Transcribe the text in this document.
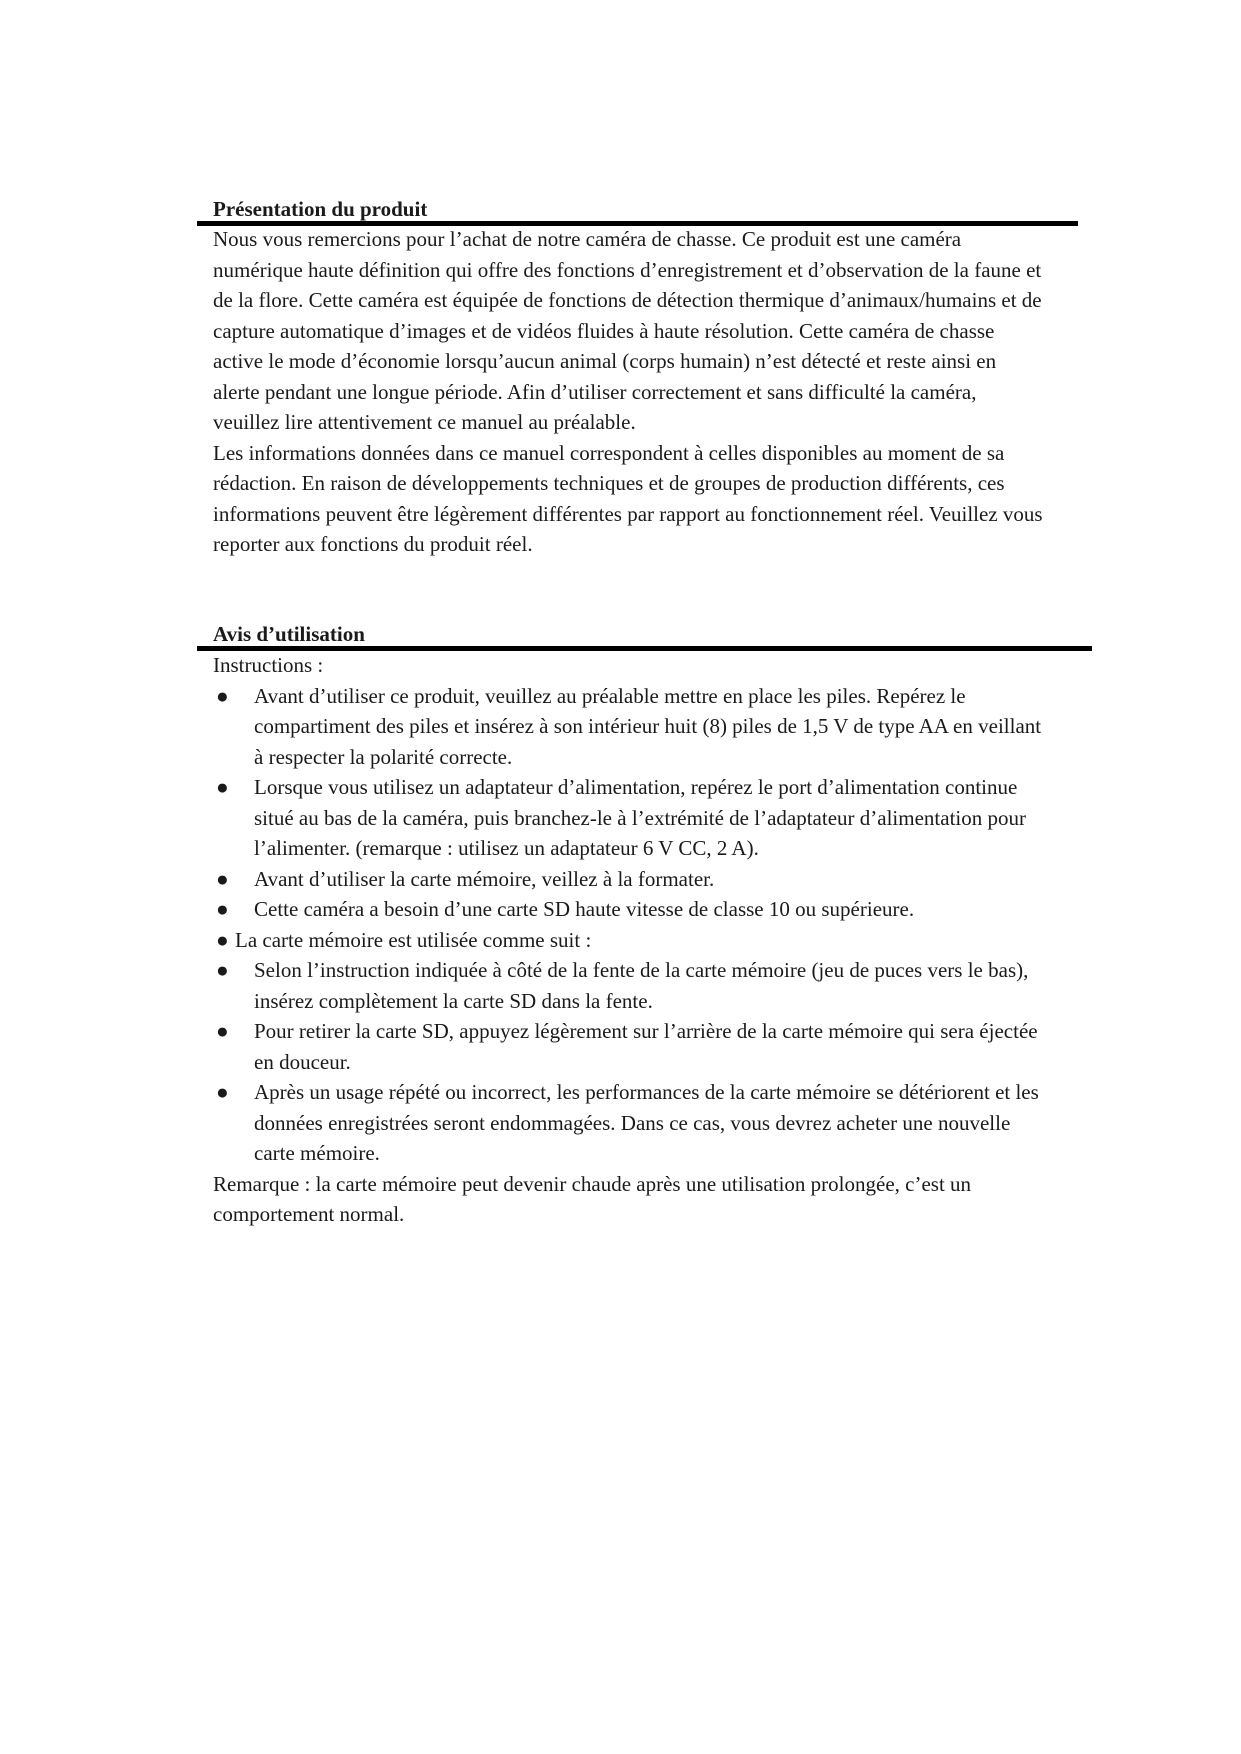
Présentation du produit

Nous vous remercions pour l’achat de notre caméra de chasse. Ce produit est une caméra numérique haute définition qui offre des fonctions d’enregistrement et d’observation de la faune et de la flore. Cette caméra est équipée de fonctions de détection thermique d’animaux/humains et de capture automatique d’images et de vidéos fluides à haute résolution. Cette caméra de chasse active le mode d’économie lorsqu’aucun animal (corps humain) n’est détecté et reste ainsi en alerte pendant une longue période. Afin d’utiliser correctement et sans difficulté la caméra, veuillez lire attentivement ce manuel au préalable.

Les informations données dans ce manuel correspondent à celles disponibles au moment de sa rédaction. En raison de développements techniques et de groupes de production différents, ces informations peuvent être légèrement différentes par rapport au fonctionnement réel. Veuillez vous reporter aux fonctions du produit réel.

Avis d’utilisation

Instructions :

● Avant d’utiliser ce produit, veuillez au préalable mettre en place les piles. Repérez le compartiment des piles et insérez à son intérieur huit (8) piles de 1,5 V de type AA en veillant à respecter la polarité correcte.
● Lorsque vous utilisez un adaptateur d’alimentation, repérez le port d’alimentation continue situé au bas de la caméra, puis branchez-le à l’extrémité de l’adaptateur d’alimentation pour l’alimenter. (remarque : utilisez un adaptateur 6 V CC, 2 A).
● Avant d’utiliser la carte mémoire, veillez à la formater.
● Cette caméra a besoin d’une carte SD haute vitesse de classe 10 ou supérieure.
● La carte mémoire est utilisée comme suit :
● Selon l’instruction indiquée à côté de la fente de la carte mémoire (jeu de puces vers le bas), insérez complètement la carte SD dans la fente.
● Pour retirer la carte SD, appuyez légèrement sur l’arrière de la carte mémoire qui sera éjectée en douceur.
● Après un usage répété ou incorrect, les performances de la carte mémoire se détériorent et les données enregistrées seront endommagées. Dans ce cas, vous devrez acheter une nouvelle carte mémoire.

Remarque : la carte mémoire peut devenir chaude après une utilisation prolongée, c’est un comportement normal.
